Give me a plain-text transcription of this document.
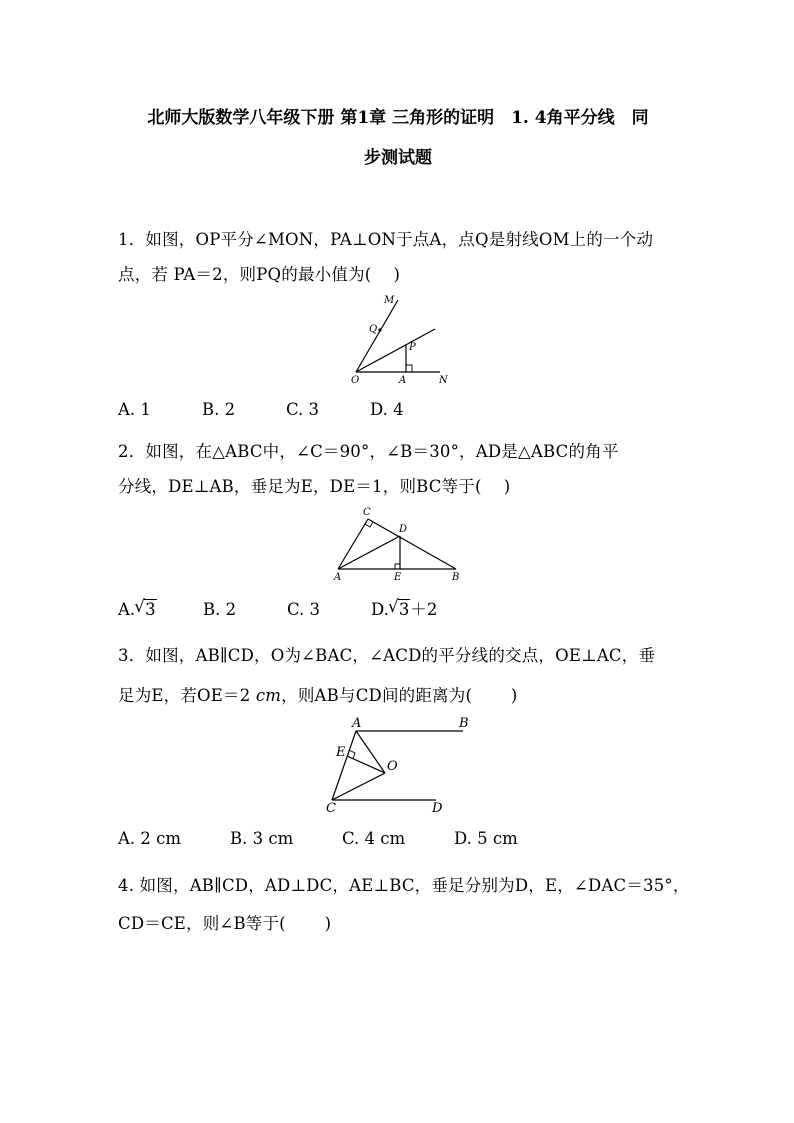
北师大版数学八年级下册 第1章 三角形的证明　1. 4角平分线　同
步测试题
1．如图，OP平分∠MON，PA⊥ON于点A，点Q是射线OM上的一个动
点，若 PA＝2，则PQ的最小值为(　 )
M
Q
P
O	A	N
A. 1	B. 2	C. 3	D. 4
2．如图，在△ABC中，∠C＝90°，∠B＝30°，AD是△ABC的角平
分线，DE⊥AB，垂足为E，DE＝1，则BC等于(　 )
C
D
A	E	B
A. √ 3	B. 2	C. 3	D. √ 3＋2
3．如图，AB∥CD，O为∠BAC，∠ACD的平分线的交点，OE⊥AC，垂
足为E，若OE＝2 cm，则AB与CD间的距离为(　　 )
A	B
E
O
C	D
A. 2 cm	B. 3 cm	C. 4 cm	D. 5 cm
4. 如图，AB∥CD，AD⊥DC，AE⊥BC，垂足分别为D，E，∠DAC＝35°，
CD＝CE，则∠B等于(　　 )
